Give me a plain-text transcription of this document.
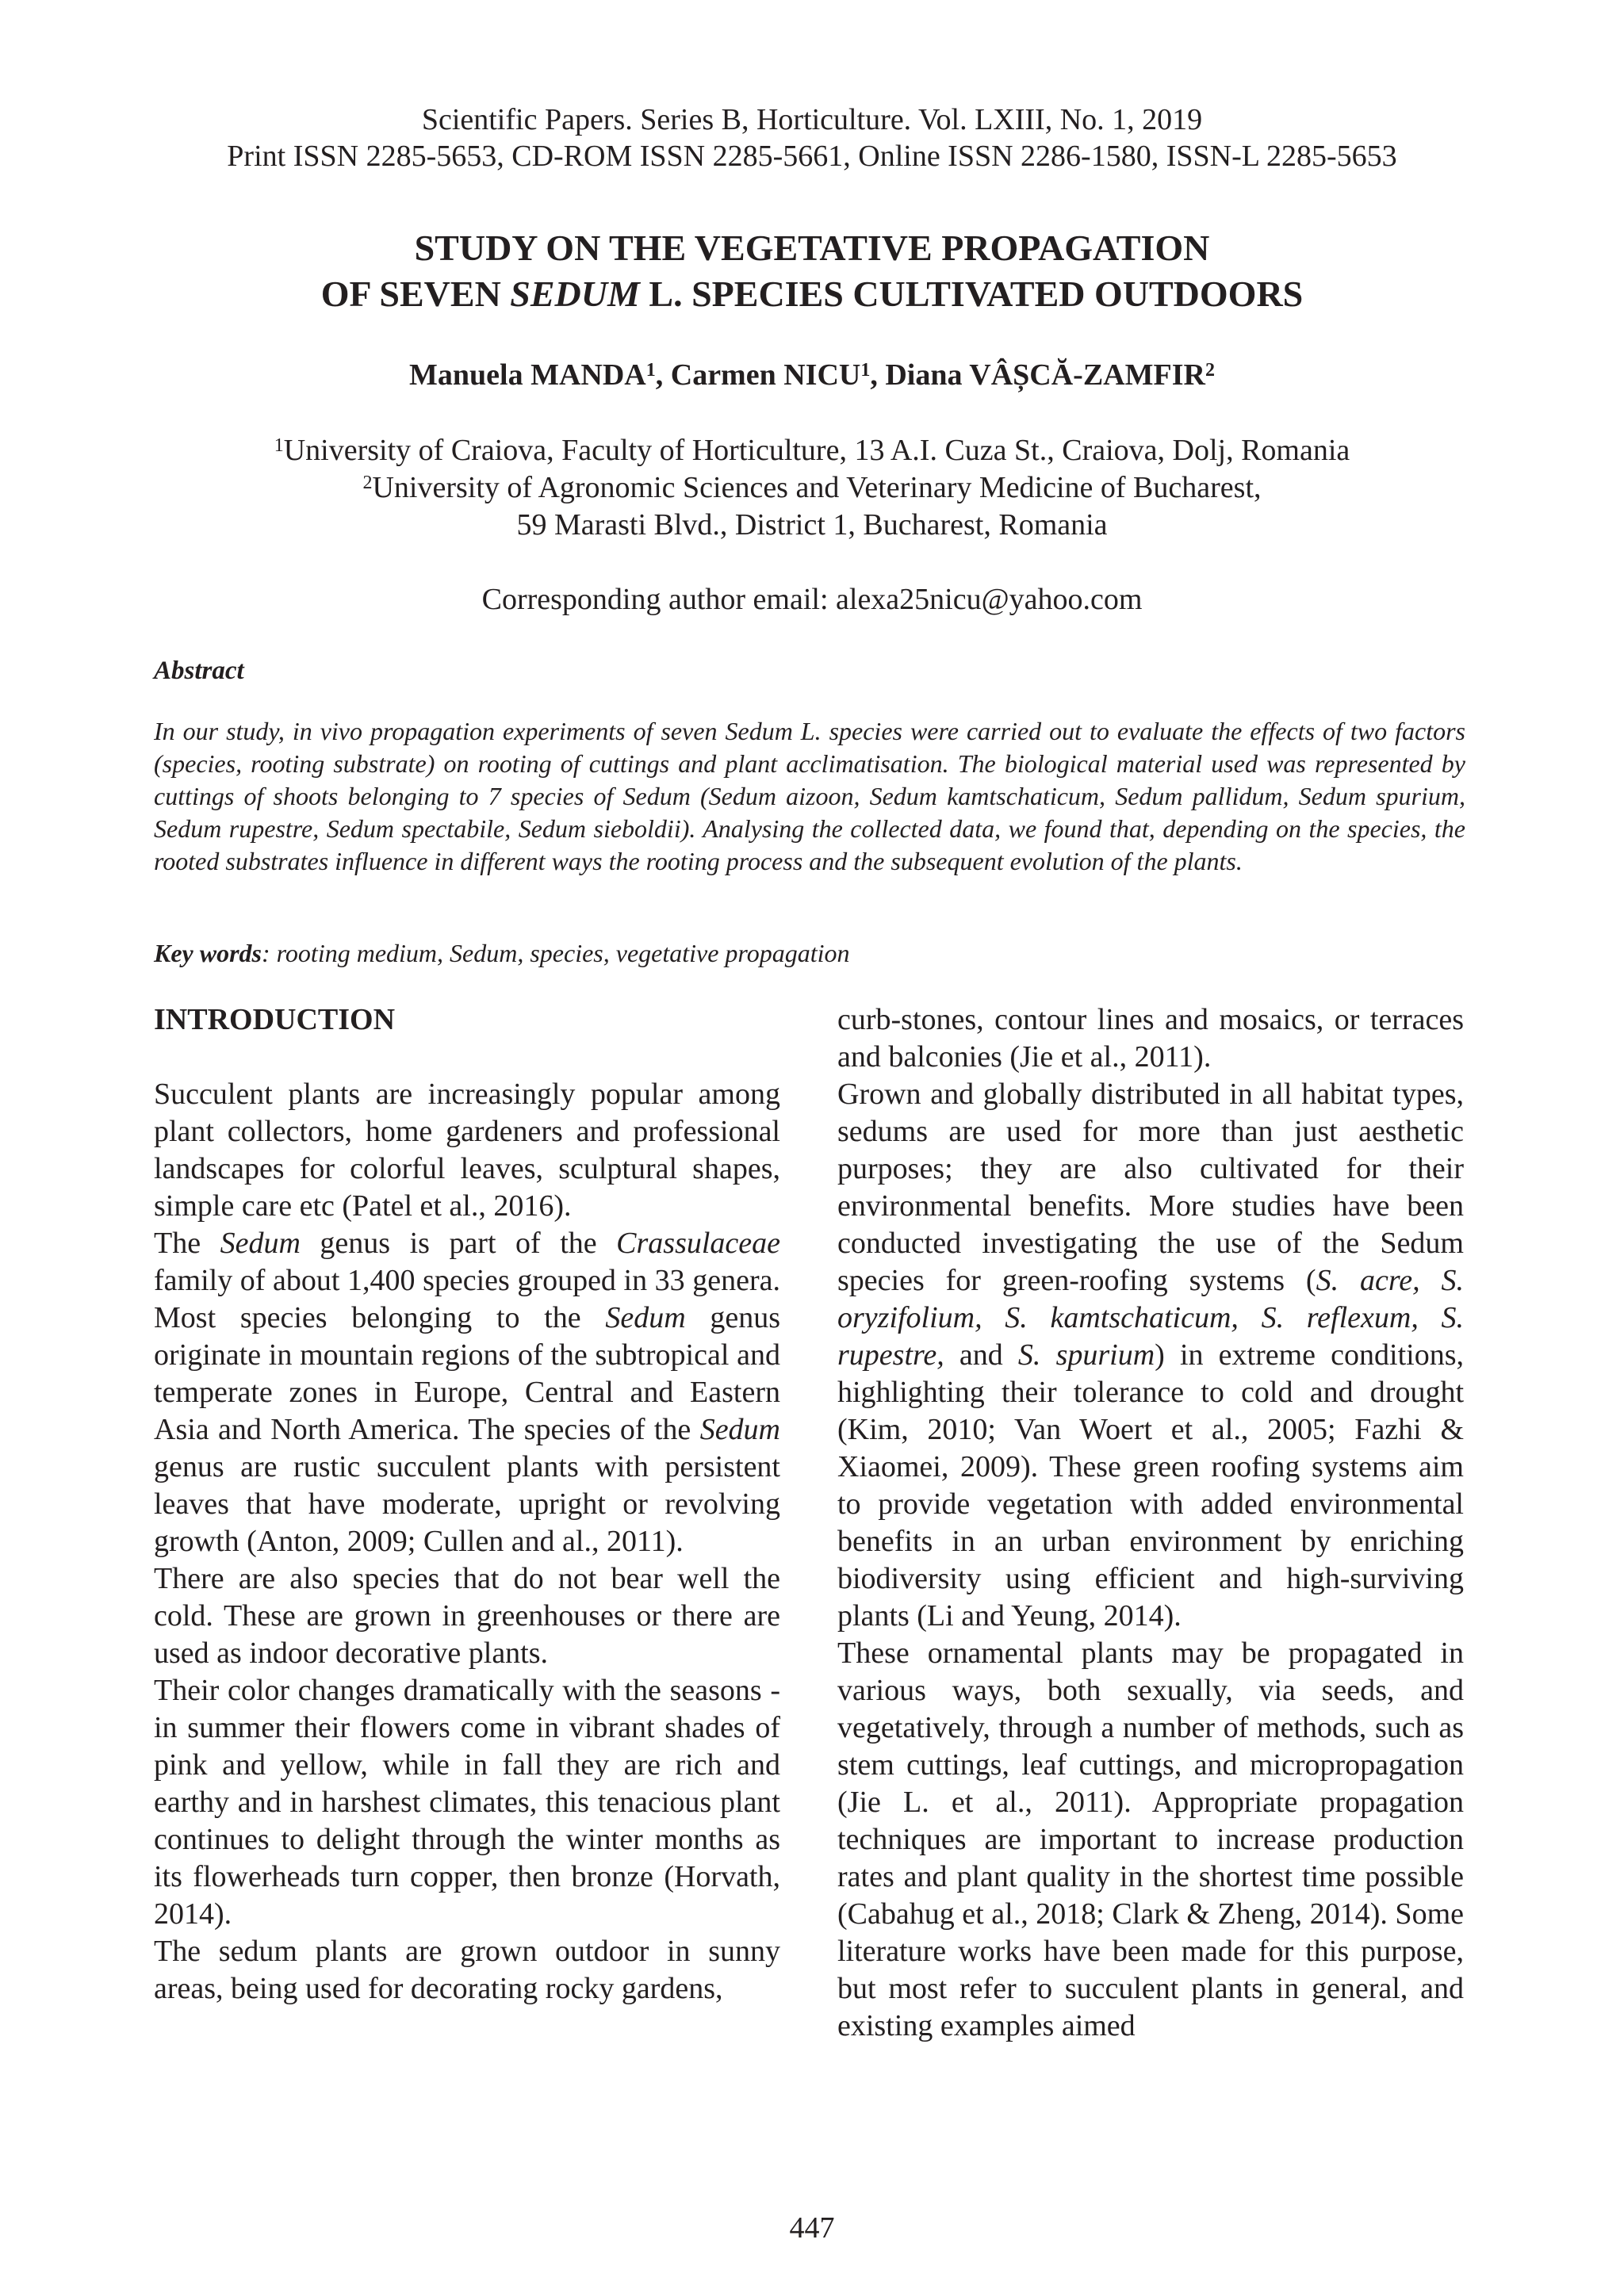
Scientific Papers. Series B, Horticulture. Vol. LXIII, No. 1, 2019
Print ISSN 2285-5653, CD-ROM ISSN 2285-5661, Online ISSN 2286-1580, ISSN-L 2285-5653
STUDY ON THE VEGETATIVE PROPAGATION
OF SEVEN SEDUM L. SPECIES CULTIVATED OUTDOORS
Manuela MANDA$^1$, Carmen NICU$^1$, Diana VÂȘCĂ-ZAMFIR$^2$
$^1$University of Craiova, Faculty of Horticulture, 13 A.I. Cuza St., Craiova, Dolj, Romania
$^2$University of Agronomic Sciences and Veterinary Medicine of Bucharest,
59 Marasti Blvd., District 1, Bucharest, Romania
Corresponding author email: alexa25nicu@yahoo.com
Abstract
In our study, in vivo propagation experiments of seven Sedum L. species were carried out to evaluate the effects of two factors (species, rooting substrate) on rooting of cuttings and plant acclimatisation. The biological material used was represented by cuttings of shoots belonging to 7 species of Sedum (Sedum aizoon, Sedum kamtschaticum, Sedum pallidum, Sedum spurium, Sedum rupestre, Sedum spectabile, Sedum sieboldii). Analysing the collected data, we found that, depending on the species, the rooted substrates influence in different ways the rooting process and the subsequent evolution of the plants.
Key words: rooting medium, Sedum, species, vegetative propagation

INTRODUCTION

Succulent plants are increasingly popular among plant collectors, home gardeners and professional landscapes for colorful leaves, sculptural shapes, simple care etc (Patel et al., 2016).

The Sedum genus is part of the Crassulaceae family of about 1,400 species grouped in 33 genera. Most species belonging to the Sedum genus originate in mountain regions of the subtropical and temperate zones in Europe, Central and Eastern Asia and North America. The species of the Sedum genus are rustic succulent plants with persistent leaves that have moderate, upright or revolving growth (Anton, 2009; Cullen and al., 2011).

There are also species that do not bear well the cold. These are grown in greenhouses or there are used as indoor decorative plants.

Their color changes dramatically with the seasons - in summer their flowers come in vibrant shades of pink and yellow, while in fall they are rich and earthy and in harshest climates, this tenacious plant continues to delight through the winter months as its flowerheads turn copper, then bronze (Horvath, 2014).

The sedum plants are grown outdoor in sunny areas, being used for decorating rocky gardens,

curb-stones, contour lines and mosaics, or terraces and balconies (Jie et al., 2011).

Grown and globally distributed in all habitat types, sedums are used for more than just aesthetic purposes; they are also cultivated for their environmental benefits. More studies have been conducted investigating the use of the Sedum species for green-roofing systems (S. acre, S. oryzifolium, S. kamtschaticum, S. reflexum, S. rupestre, and S. spurium) in extreme conditions, highlighting their tolerance to cold and drought (Kim, 2010; Van Woert et al., 2005; Fazhi & Xiaomei, 2009). These green roofing systems aim to provide vegetation with added environmental benefits in an urban environment by enriching biodiversity using efficient and high-surviving plants (Li and Yeung, 2014).

These ornamental plants may be propagated in various ways, both sexually, via seeds, and vegetatively, through a number of methods, such as stem cuttings, leaf cuttings, and micropropagation (Jie L. et al., 2011). Appropriate propagation techniques are important to increase production rates and plant quality in the shortest time possible (Cabahug et al., 2018; Clark & Zheng, 2014). Some literature works have been made for this purpose, but most refer to succulent plants in general, and existing examples aimed

447
